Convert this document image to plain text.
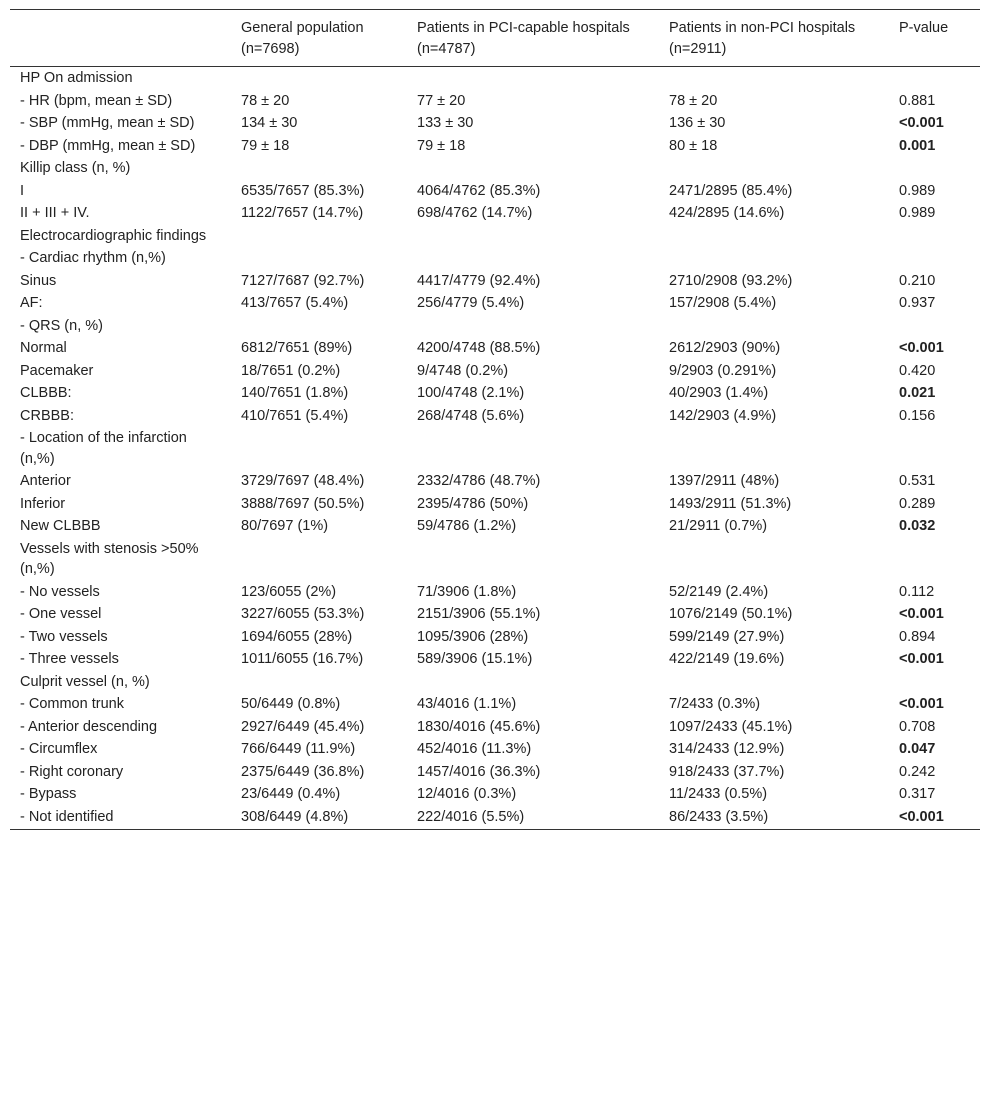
	General population (n=7698)	Patients in PCI-capable hospitals (n=4787)	Patients in non-PCI hospitals (n=2911)	P-value
HP On admission				
- HR (bpm, mean ± SD)	78 ± 20	77 ± 20	78 ± 20	0.881
- SBP (mmHg, mean ± SD)	134 ± 30	133 ± 30	136 ± 30	<0.001
- DBP (mmHg, mean ± SD)	79 ± 18	79 ± 18	80 ± 18	0.001
Killip class (n, %)				
I	6535/7657 (85.3%)	4064/4762 (85.3%)	2471/2895 (85.4%)	0.989
II + III + IV.	1122/7657 (14.7%)	698/4762 (14.7%)	424/2895 (14.6%)	0.989
Electrocardiographic findings				
- Cardiac rhythm (n,%)				
Sinus	7127/7687 (92.7%)	4417/4779 (92.4%)	2710/2908 (93.2%)	0.210
AF:	413/7657 (5.4%)	256/4779 (5.4%)	157/2908 (5.4%)	0.937
- QRS (n, %)				
Normal	6812/7651 (89%)	4200/4748 (88.5%)	2612/2903 (90%)	<0.001
Pacemaker	18/7651 (0.2%)	9/4748 (0.2%)	9/2903 (0.291%)	0.420
CLBBB:	140/7651 (1.8%)	100/4748 (2.1%)	40/2903 (1.4%)	0.021
CRBBB:	410/7651 (5.4%)	268/4748 (5.6%)	142/2903 (4.9%)	0.156
- Location of the infarction (n,%)				
Anterior	3729/7697 (48.4%)	2332/4786 (48.7%)	1397/2911 (48%)	0.531
Inferior	3888/7697 (50.5%)	2395/4786 (50%)	1493/2911 (51.3%)	0.289
New CLBBB	80/7697 (1%)	59/4786 (1.2%)	21/2911 (0.7%)	0.032
Vessels with stenosis >50% (n,%)				
- No vessels	123/6055 (2%)	71/3906 (1.8%)	52/2149 (2.4%)	0.112
- One vessel	3227/6055 (53.3%)	2151/3906 (55.1%)	1076/2149 (50.1%)	<0.001
- Two vessels	1694/6055 (28%)	1095/3906 (28%)	599/2149 (27.9%)	0.894
- Three vessels	1011/6055 (16.7%)	589/3906 (15.1%)	422/2149 (19.6%)	<0.001
Culprit vessel (n, %)				
- Common trunk	50/6449 (0.8%)	43/4016 (1.1%)	7/2433 (0.3%)	<0.001
- Anterior descending	2927/6449 (45.4%)	1830/4016 (45.6%)	1097/2433 (45.1%)	0.708
- Circumflex	766/6449 (11.9%)	452/4016 (11.3%)	314/2433 (12.9%)	0.047
- Right coronary	2375/6449 (36.8%)	1457/4016 (36.3%)	918/2433 (37.7%)	0.242
- Bypass	23/6449 (0.4%)	12/4016 (0.3%)	11/2433 (0.5%)	0.317
- Not identified	308/6449 (4.8%)	222/4016 (5.5%)	86/2433 (3.5%)	<0.001
